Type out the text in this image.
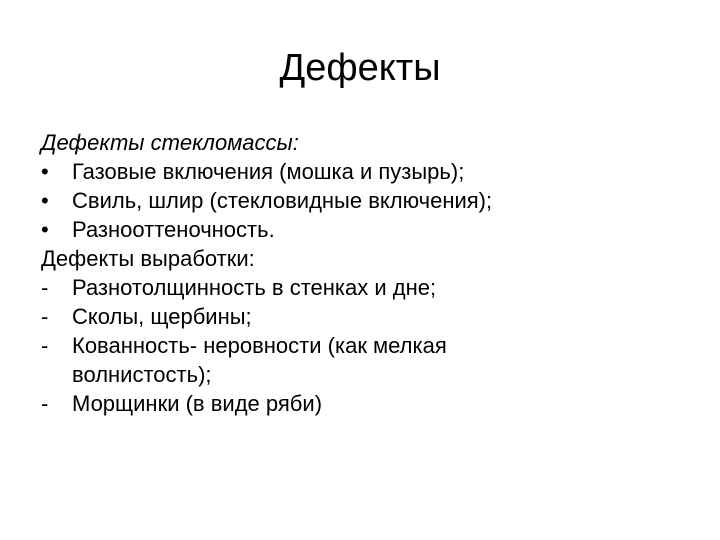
Дефекты
Дефекты стекломассы:
•	Газовые включения (мошка и пузырь);
•	Свиль, шлир (стекловидные включения);
•	Разнооттеночность.
Дефекты выработки:
-	Разнотолщинность в стенках и дне;
-	Сколы, щербины;
-	Кованность- неровности (как мелкая волнистость);
-	Морщинки (в виде ряби)
